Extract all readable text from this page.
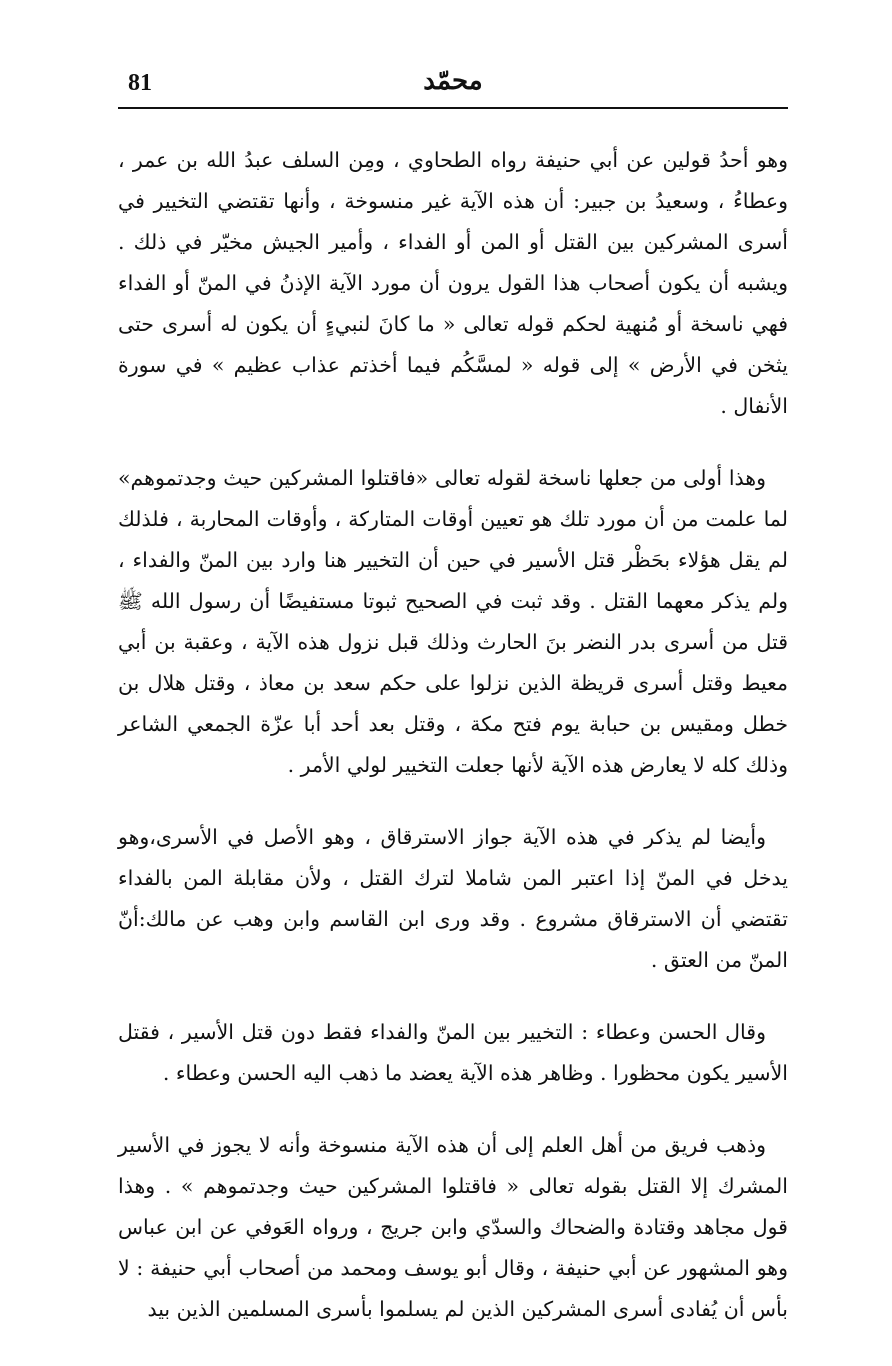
81	محمّد

وهو أحدُ قولين عن أبي حنيفة رواه الطحاوي ، ومِن السلف عبدُ الله بن عمر ، وعطاءُ ، وسعيدُ بن جبير: أن هذه الآية غير منسوخة ، وأنها تقتضي التخيير في أسرى المشركين بين القتل أو المن أو الفداء ، وأمير الجيش مخيّر في ذلك . ويشبه أن يكون أصحاب هذا القول يرون أن مورد الآية الإذنُ في المنّ أو الفداء فهي ناسخة أو مُنهية لحكم قوله تعالى « ما كانَ لنبيءٍ أن يكون له أسرى حتى يثخن في الأرض » إلى قوله « لمسَّكُم فيما أخذتم عذاب عظيم » في سورة الأنفال .

وهذا أولى من جعلها ناسخة لقوله تعالى «فاقتلوا المشركين حيث وجدتموهم» لما علمت من أن مورد تلك هو تعيين أوقات المتاركة ، وأوقات المحاربة ، فلذلك لم يقل هؤلاء بحَظْر قتل الأسير في حين أن التخيير هنا وارد بين المنّ والفداء ، ولم يذكر معهما القتل . وقد ثبت في الصحيح ثبوتا مستفيضًا أن رسول الله ﷺ قتل من أسرى بدر النضر بنَ الحارث وذلك قبل نزول هذه الآية ، وعقبة بن أبي معيط وقتل أسرى قريظة الذين نزلوا على حكم سعد بن معاذ ، وقتل هلال بن خطل ومقيس بن حبابة يوم فتح مكة ، وقتل بعد أحد أبا عزّة الجمعي الشاعر وذلك كله لا يعارض هذه الآية لأنها جعلت التخيير لولي الأمر .

وأيضا لم يذكر في هذه الآية جواز الاسترقاق ، وهو الأصل في الأسرى،وهو يدخل في المنّ إذا اعتبر المن شاملا لترك القتل ، ولأن مقابلة المن بالفداء تقتضي أن الاسترقاق مشروع . وقد ورى ابن القاسم وابن وهب عن مالك:أنّ المنّ من العتق .

وقال الحسن وعطاء : التخيير بين المنّ والفداء فقط دون قتل الأسير ، فقتل الأسير يكون محظورا . وظاهر هذه الآية يعضد ما ذهب اليه الحسن وعطاء .

وذهب فريق من أهل العلم إلى أن هذه الآية منسوخة وأنه لا يجوز في الأسير المشرك إلا القتل بقوله تعالى « فاقتلوا المشركين حيث وجدتموهم » . وهذا قول مجاهد وقتادة والضحاك والسدّي وابن جريج ، ورواه العَوفي عن ابن عباس وهو المشهور عن أبي حنيفة ، وقال أبو يوسف ومحمد من أصحاب أبي حنيفة : لا بأس أن يُفادى أسرى المشركين الذين لم يسلموا بأسرى المسلمين الذين بيد
